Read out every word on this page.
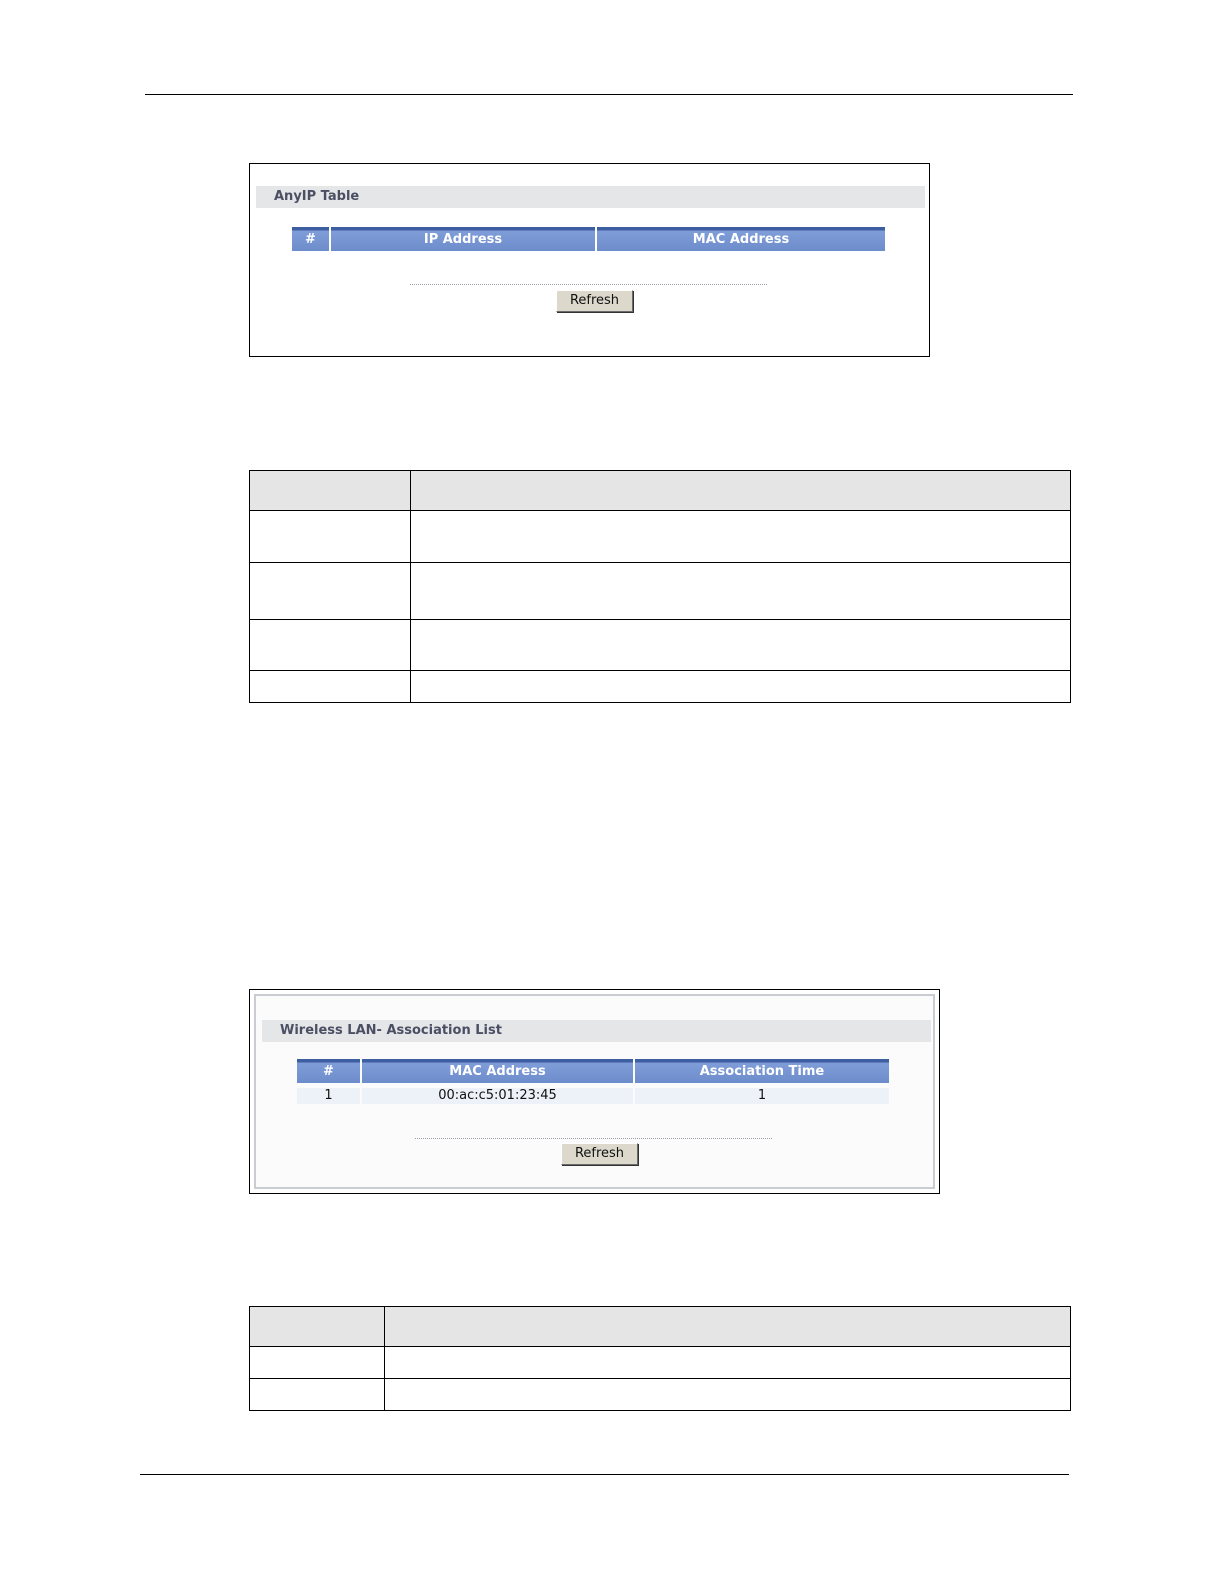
AnyIP Table
#	IP Address	MAC Address
Refresh
Wireless LAN- Association List
#	MAC Address	Association Time
1	00:ac:c5:01:23:45	1
Refresh
